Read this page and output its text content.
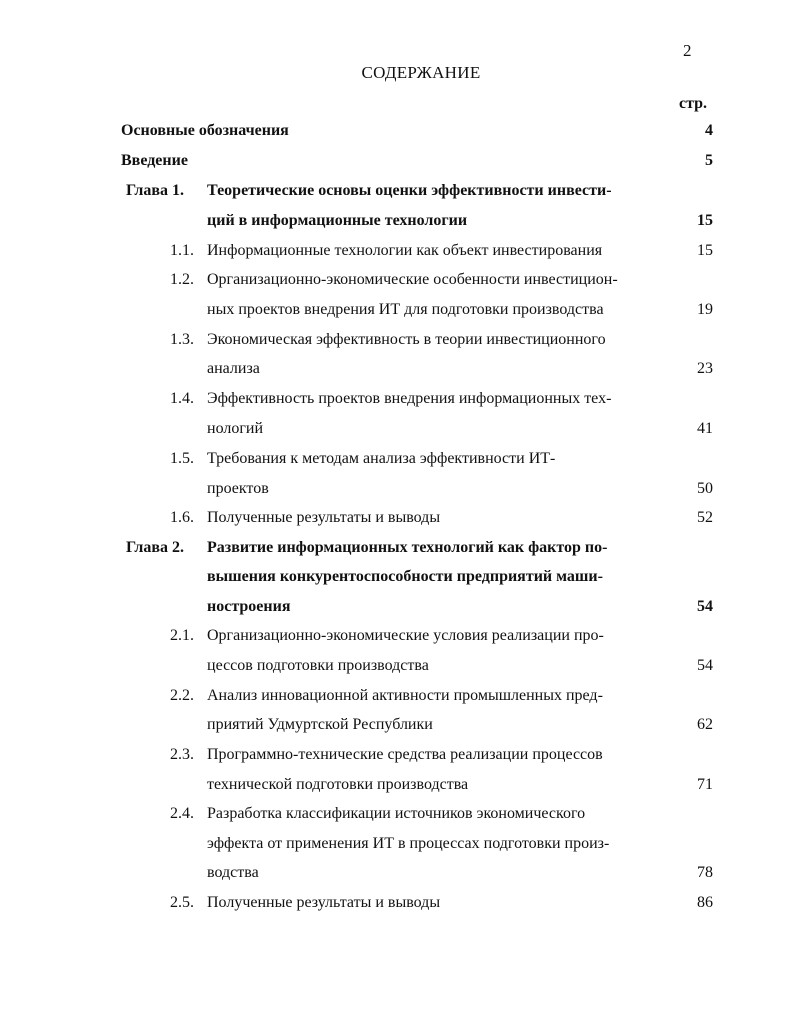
2
СОДЕРЖАНИЕ
стр.
Основные обозначения	4
Введение	5
Глава 1. Теоретические основы оценки эффективности инвести-
ций в информационные технологии	15
1.1. Информационные технологии как объект инвестирования	15
1.2. Организационно-экономические особенности инвестицион-
ных проектов внедрения ИТ для подготовки производства	19
1.3. Экономическая эффективность в теории инвестиционного
анализа	23
1.4. Эффективность проектов внедрения информационных тех-
нологий	41
1.5. Требования к методам анализа эффективности ИТ-
проектов	50
1.6. Полученные результаты и выводы	52
Глава 2. Развитие информационных технологий как фактор по-
вышения конкурентоспособности предприятий маши-
ностроения	54
2.1. Организационно-экономические условия реализации про-
цессов подготовки производства	54
2.2. Анализ инновационной активности промышленных пред-
приятий Удмуртской Республики	62
2.3. Программно-технические средства реализации процессов
технической подготовки производства	71
2.4. Разработка классификации источников экономического
эффекта от применения ИТ в процессах подготовки произ-
водства	78
2.5. Полученные результаты и выводы	86
